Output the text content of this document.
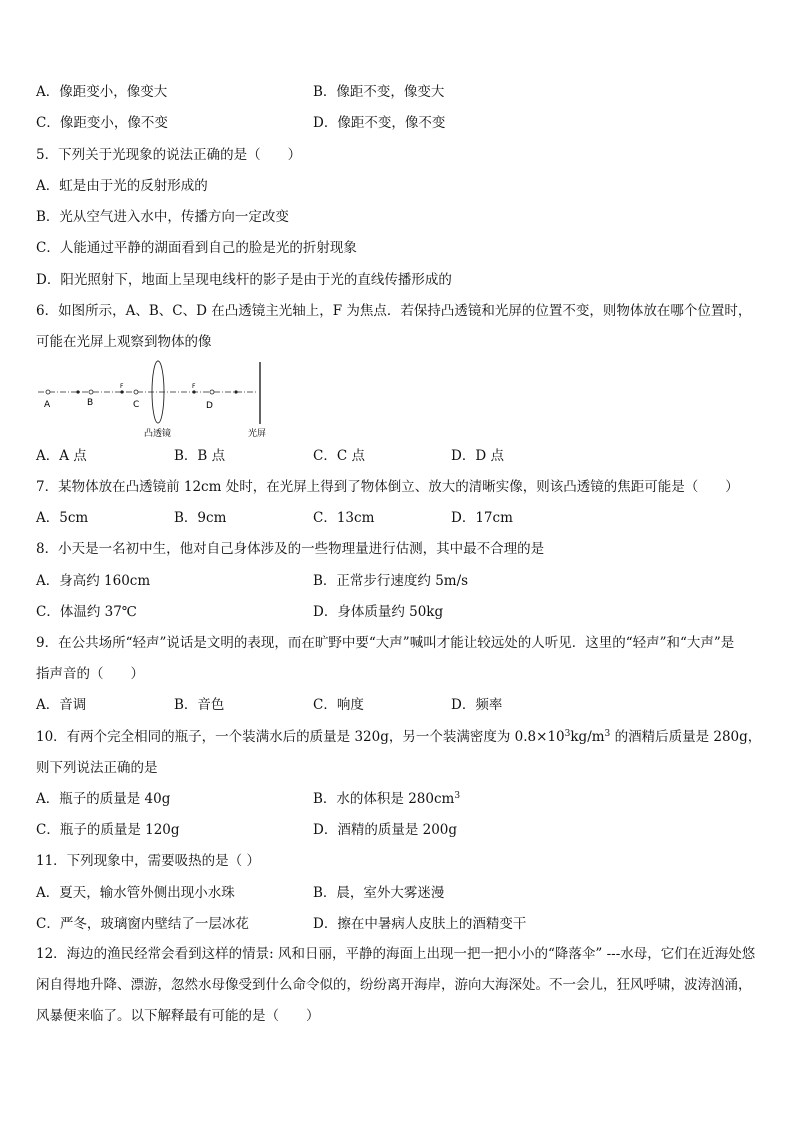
A．像距变小，像变大	B．像距不变，像变大
C．像距变小，像不变	D．像距不变，像不变
5．下列关于光现象的说法正确的是（　　）
A．虹是由于光的反射形成的
B．光从空气进入水中，传播方向一定改变
C．人能通过平静的湖面看到自己的脸是光的折射现象
D．阳光照射下，地面上呈现电线杆的影子是由于光的直线传播形成的
6．如图所示，A、B、C、D 在凸透镜主光轴上，F 为焦点．若保持凸透镜和光屏的位置不变，则物体放在哪个位置时，
可能在光屏上观察到物体的像
A	B
F
C
凸透镜
F
D
光屏
A．A 点	B．B 点	C．C 点	D．D 点
7．某物体放在凸透镜前 12cm 处时，在光屏上得到了物体倒立、放大的清晰实像，则该凸透镜的焦距可能是（　　）
A．5cm	B．9cm	C．13cm	D．17cm
8．小天是一名初中生，他对自己身体涉及的一些物理量进行估测，其中最不合理的是
A．身高约 160cm	B．正常步行速度约 5m/s
C．体温约 37℃	D．身体质量约 50kg
9．在公共场所“轻声”说话是文明的表现，而在旷野中要“大声”喊叫才能让较远处的人听见．这里的“轻声”和“大声”是
指声音的（　　）
A．音调	B．音色	C．响度	D．频率
10．有两个完全相同的瓶子，一个装满水后的质量是 320g，另一个装满密度为 $0.8\times 10^3kg/m^3$ 的酒精后质量是 280g，
则下列说法正确的是
A．瓶子的质量是 40g	B．水的体积是 $280cm^3$
C．瓶子的质量是 120g	D．酒精的质量是 200g
11．下列现象中，需要吸热的是（ ）
A．夏天，输水管外侧出现小水珠	B．晨，室外大雾迷漫
C．严冬，玻璃窗内壁结了一层冰花	D．擦在中暑病人皮肤上的酒精变干
12．海边的渔民经常会看到这样的情景: 风和日丽，平静的海面上出现一把一把小小的“降落伞” ---水母，它们在近海处悠闲自得地升降、漂游，忽然水母像受到什么命令似的，纷纷离开海岸，游向大海深处。不一会儿，狂风呼啸，波涛汹涌，风暴便来临了。以下解释最有可能的是（　　）
